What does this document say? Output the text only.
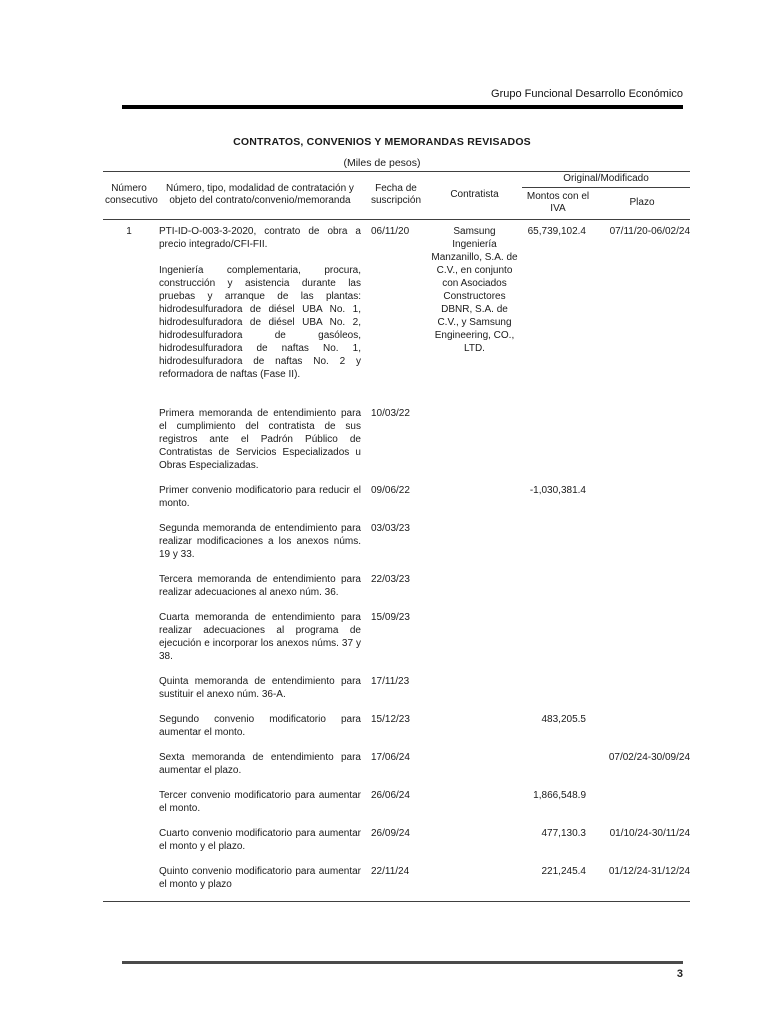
Grupo Funcional Desarrollo Económico
CONTRATOS, CONVENIOS Y MEMORANDAS REVISADOS
(Miles de pesos)
Número consecutivo	Número, tipo, modalidad de contratación y objeto del contrato/convenio/memoranda	Fecha de suscripción	Contratista	Original/Modificado	
				Montos con el IVA	Plazo
1	PTI-ID-O-003-3-2020, contrato de obra a precio integrado/CFI-FII.

Ingeniería complementaria, procura, construcción y asistencia durante las pruebas y arranque de las plantas: hidrodesulfuradora de diésel UBA No. 1, hidrodesulfuradora de diésel UBA No. 2, hidrodesulfuradora de gasóleos, hidrodesulfuradora de naftas No. 1, hidrodesulfuradora de naftas No. 2 y reformadora de naftas (Fase II).	06/11/20	Samsung Ingeniería Manzanillo, S.A. de C.V., en conjunto con Asociados Constructores DBNR, S.A. de C.V., y Samsung Engineering, CO., LTD.	65,739,102.4	07/11/20-06/02/24
	Primera memoranda de entendimiento para el cumplimiento del contratista de sus registros ante el Padrón Público de Contratistas de Servicios Especializados u Obras Especializadas.	10/03/22			
	Primer convenio modificatorio para reducir el monto.	09/06/22		-1,030,381.4	
	Segunda memoranda de entendimiento para realizar modificaciones a los anexos núms. 19 y 33.	03/03/23			
	Tercera memoranda de entendimiento para realizar adecuaciones al anexo núm. 36.	22/03/23			
	Cuarta memoranda de entendimiento para realizar adecuaciones al programa de ejecución e incorporar los anexos núms. 37 y 38.	15/09/23			
	Quinta memoranda de entendimiento para sustituir el anexo núm. 36-A.	17/11/23			
	Segundo convenio modificatorio para aumentar el monto.	15/12/23		483,205.5	
	Sexta memoranda de entendimiento para aumentar el plazo.	17/06/24			07/02/24-30/09/24
	Tercer convenio modificatorio para aumentar el monto.	26/06/24		1,866,548.9	
	Cuarto convenio modificatorio para aumentar el monto y el plazo.	26/09/24		477,130.3	01/10/24-30/11/24
	Quinto convenio modificatorio para aumentar el monto y plazo	22/11/24		221,245.4	01/12/24-31/12/24
3
